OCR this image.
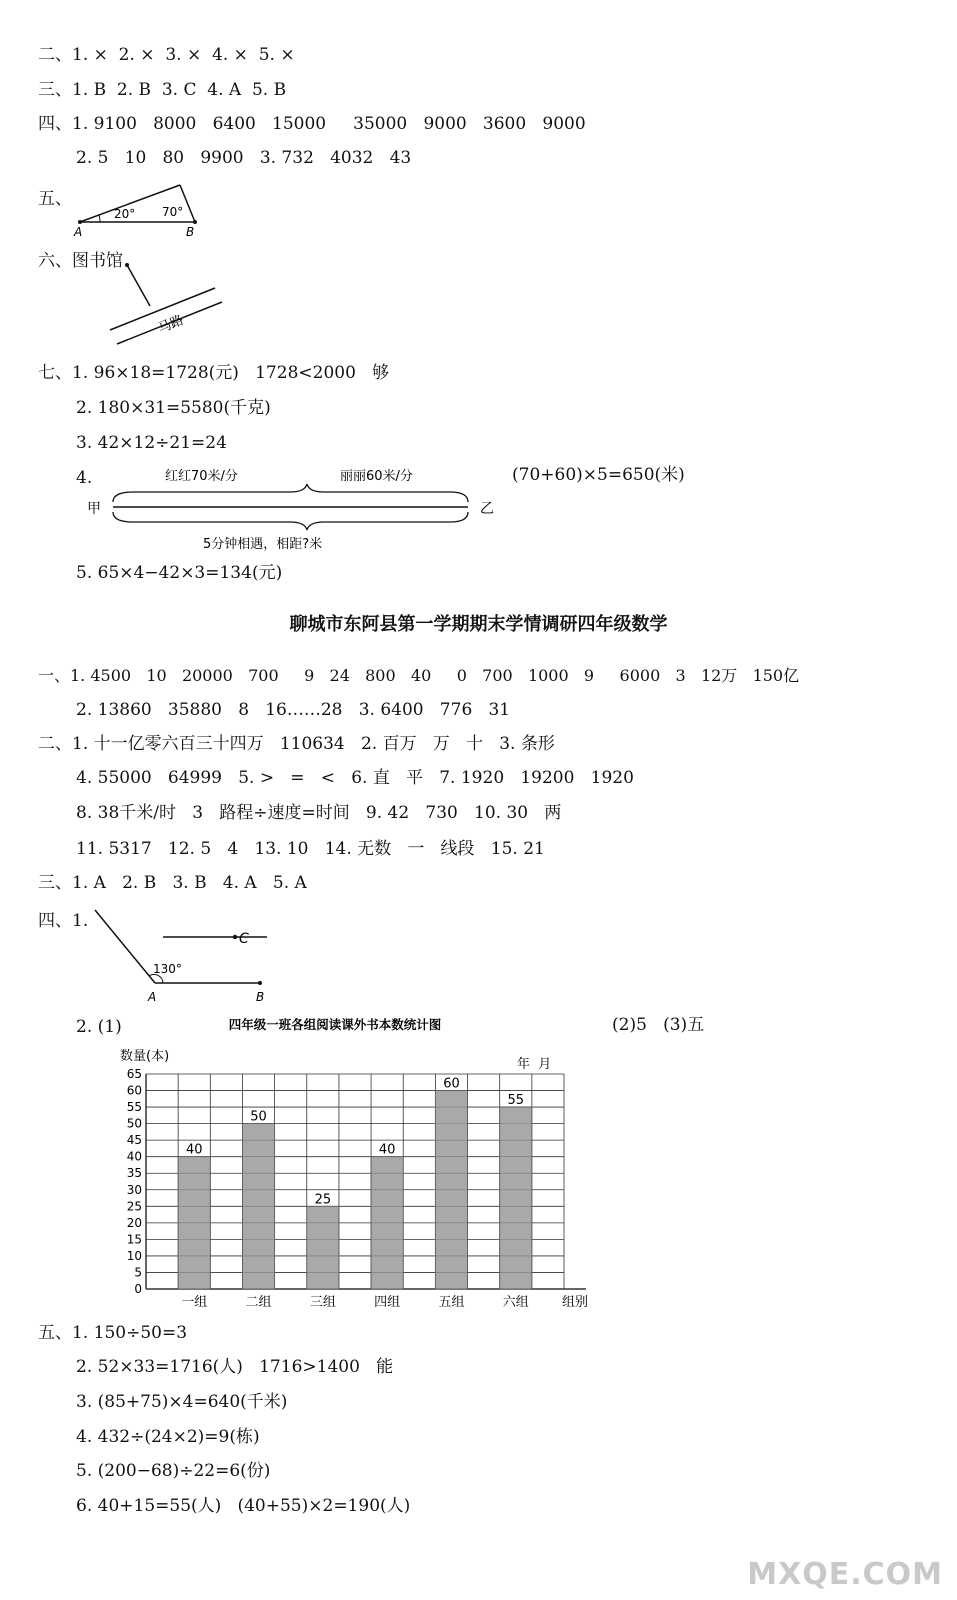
二、1. ×  2. ×  3. ×  4. ×  5. ×
三、1. B  2. B  3. C  4. A  5. B
四、1. 9100   8000   6400   15000     35000   9000   3600   9000
2. 5   10   80   9900   3. 732   4032   43
五、
20° 70°
A	B
六、图书馆
马路
七、1. 96×18=1728(元)   1728<2000   够
2. 180×31=5580(千克)
3. 42×12÷21=24
4.
甲	乙
红红70米/分	丽丽60米/分
5分钟相遇，相距?米
(70+60)×5=650(米)
5. 65×4−42×3=134(元)
聊城市东阿县第一学期期末学情调研四年级数学
一、1. 4500   10   20000   700     9   24   800   40     0   700   1000   9     6000   3   12万   150亿
2. 13860   35880   8   16……28   3. 6400   776   31
二、1. 十一亿零六百三十四万   110634   2. 百万   万   十   3. 条形
4. 55000   64999   5. >   =   <   6. 直   平   7. 1920   19200   1920
8. 38千米/时   3   路程÷速度=时间   9. 42   730   10. 30   两
11. 5317   12. 5   4   13. 10   14. 无数   一   线段   15. 21
三、1. A   2. B   3. B   4. A   5. A
四、1.
130°
A	B
C
2. (1)	(2)5   (3)五
四年级一班各组阅读课外书本数统计图
数量(本)
年  月
组别
0
5
10
15
20
25
30
35
40
45
50
55
60
65
40
一组
50
二组
25
三组
40
四组
60
五组
55
六组
五、1. 150÷50=3
2. 52×33=1716(人)   1716>1400   能
3. (85+75)×4=640(千米)
4. 432÷(24×2)=9(栋)
5. (200−68)÷22=6(份)
6. 40+15=55(人)   (40+55)×2=190(人)
MXQE.COM
